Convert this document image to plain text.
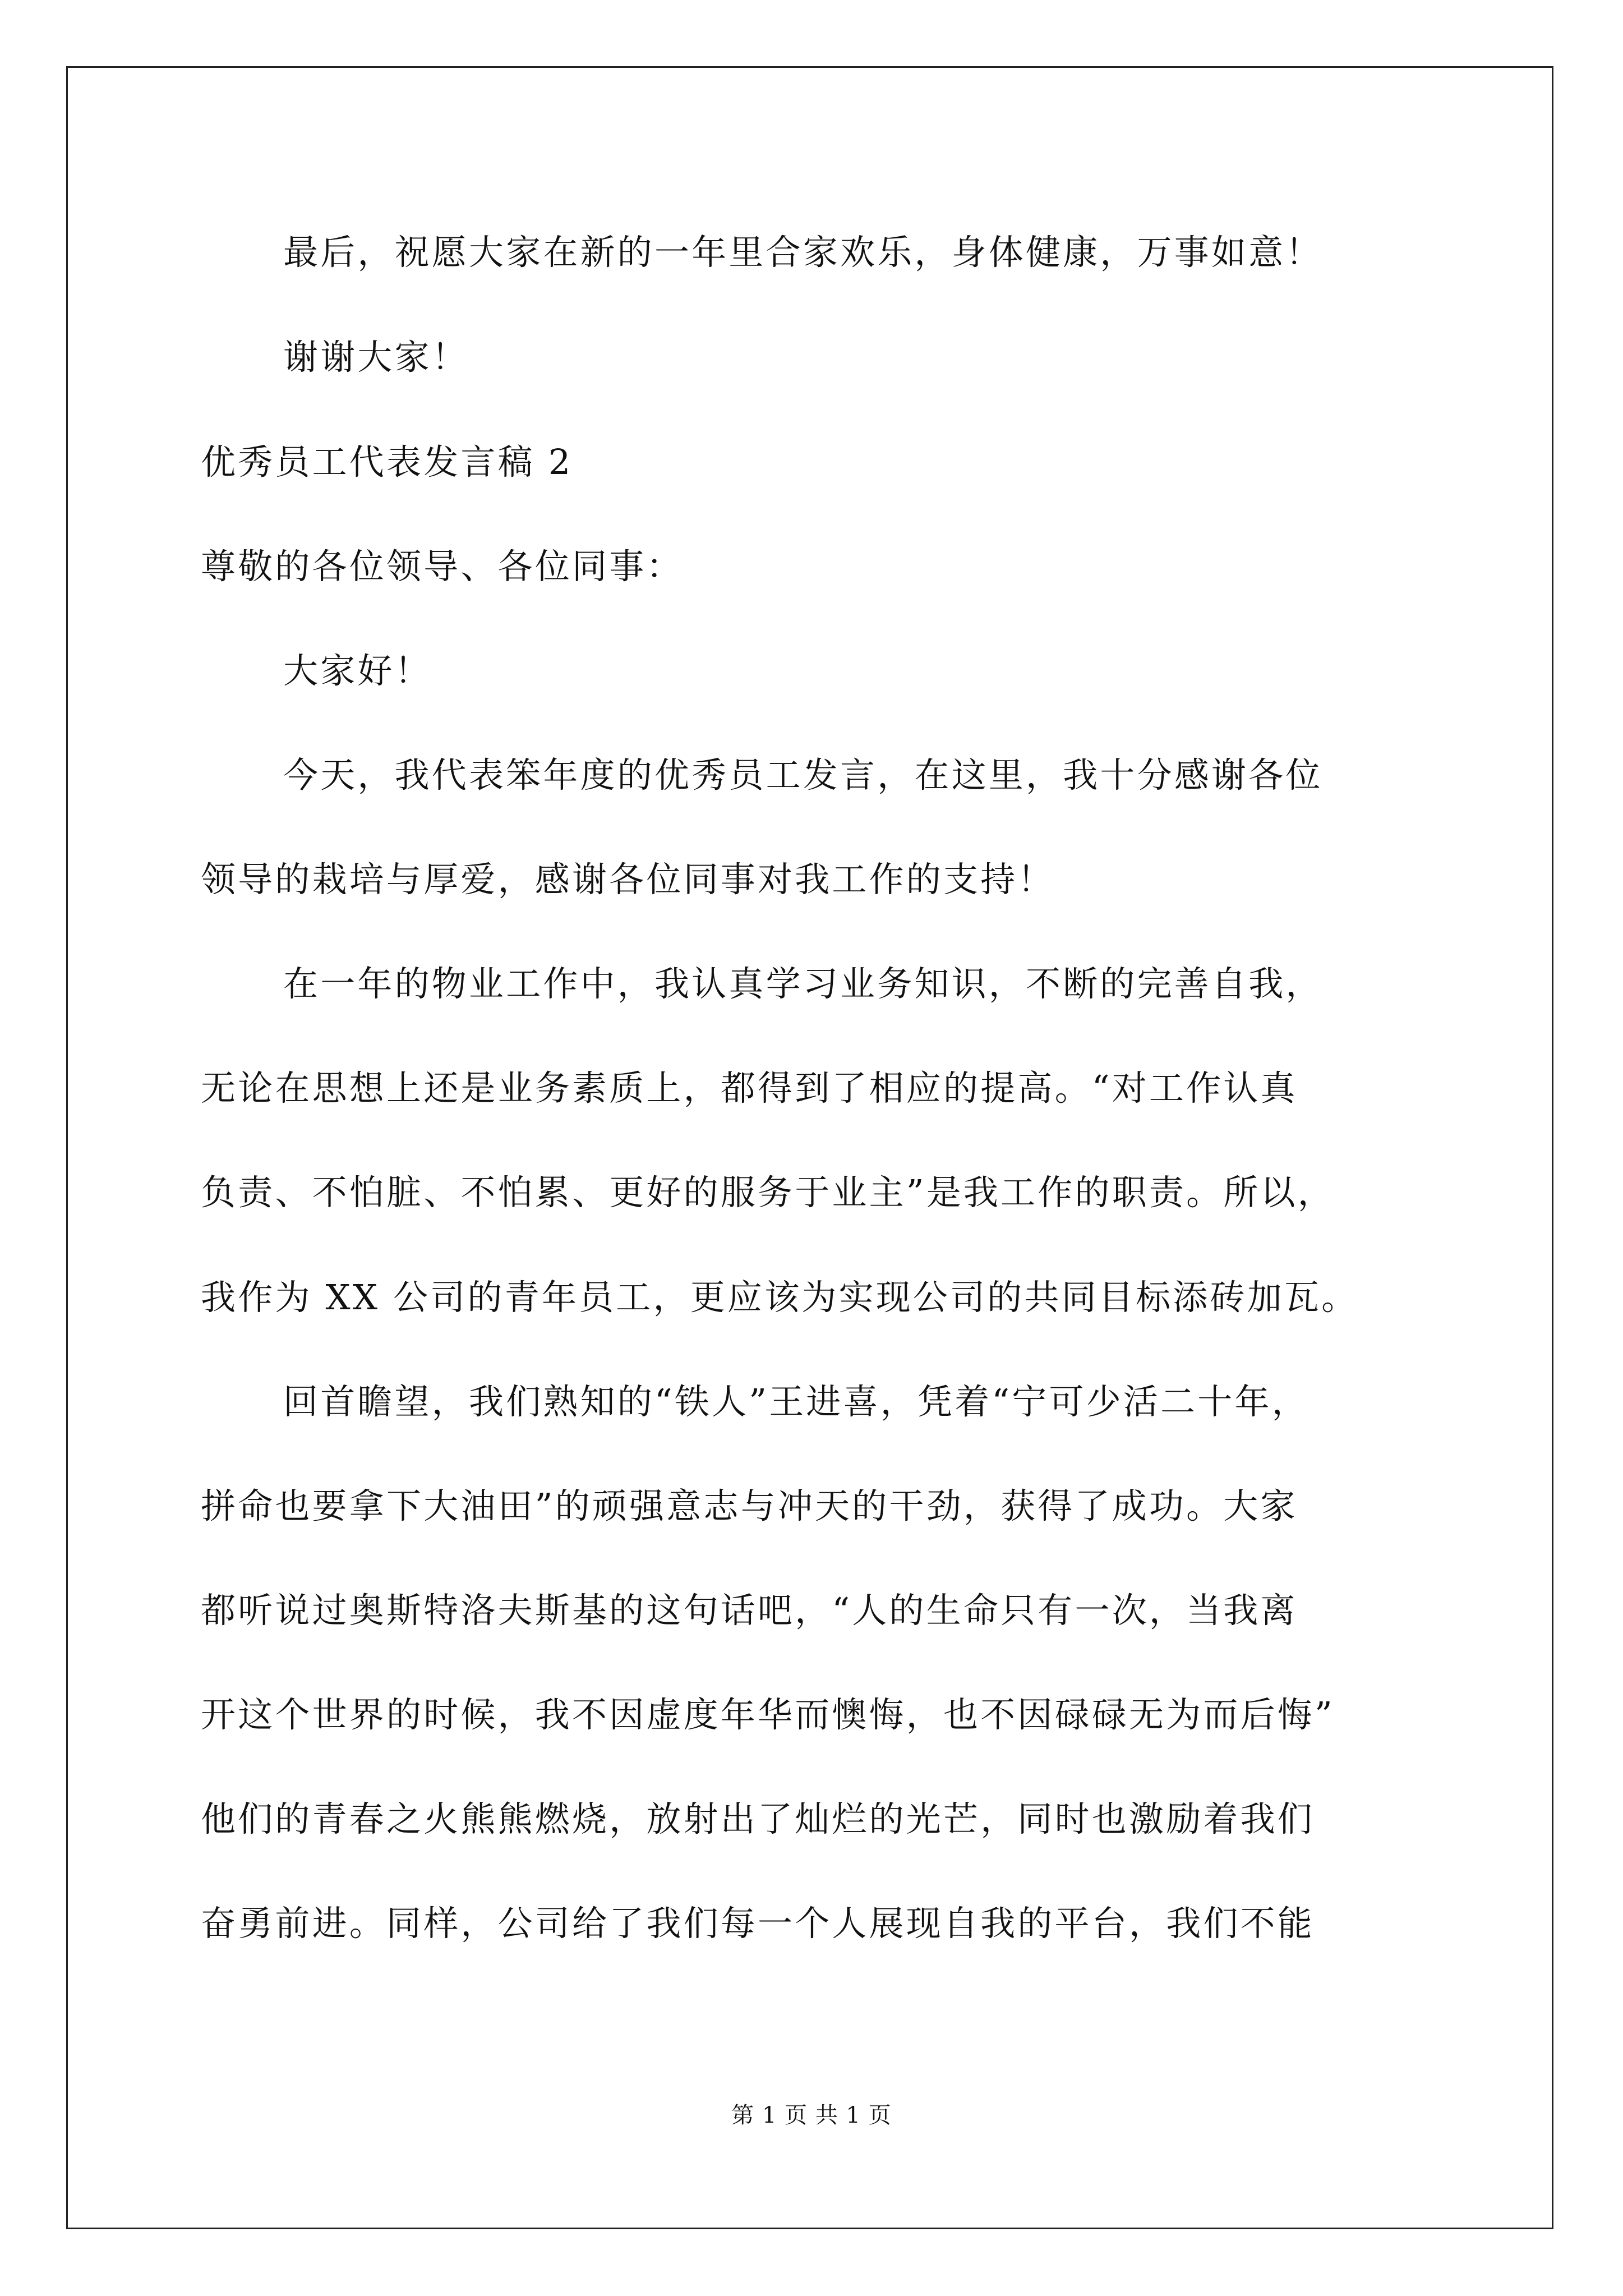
最后，祝愿大家在新的一年里合家欢乐，身体健康，万事如意！
谢谢大家！
优秀员工代表发言稿 2
尊敬的各位领导、各位同事：
大家好！
今天，我代表笨年度的优秀员工发言，在这里，我十分感谢各位
领导的栽培与厚爱，感谢各位同事对我工作的支持！
在一年的物业工作中，我认真学习业务知识，不断的完善自我，
无论在思想上还是业务素质上，都得到了相应的提高。“对工作认真
负责、不怕脏、不怕累、更好的服务于业主”是我工作的职责。所以，
我作为 XX 公司的青年员工，更应该为实现公司的共同目标添砖加瓦。
回首瞻望，我们熟知的“铁人”王进喜，凭着“宁可少活二十年，
拼命也要拿下大油田”的顽强意志与冲天的干劲，获得了成功。大家
都听说过奥斯特洛夫斯基的这句话吧，“人的生命只有一次，当我离
开这个世界的时候，我不因虚度年华而懊悔，也不因碌碌无为而后悔”
他们的青春之火熊熊燃烧，放射出了灿烂的光芒，同时也激励着我们
奋勇前进。同样，公司给了我们每一个人展现自我的平台，我们不能
第 1 页 共 1 页
